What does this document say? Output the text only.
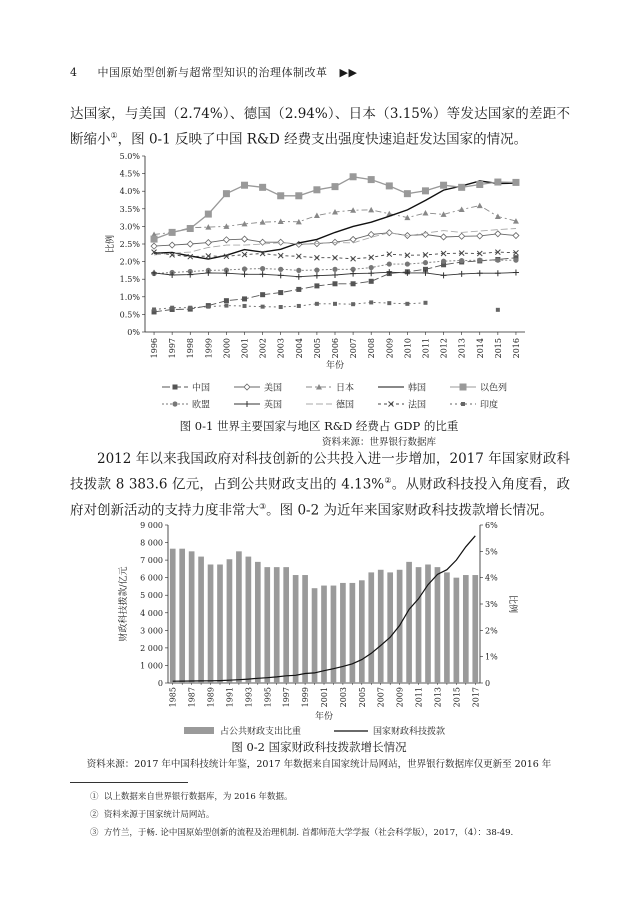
4 中国原始型创新与超常型知识的治理体制改革 ▶▶

达国家，与美国（2.74%）、德国（2.94%）、日本（3.15%）等发达国家的差距不断缩小①，图 0-1 反映了中国 R&D 经费支出强度快速追赶发达国家的情况。

0%
0.5%
1.0%
1.5%
2.0%
2.5%
3.0%
3.5%
4.0%
4.5%
5.0%
1996 1997 1998 1999 2000 2001 2002 2003 2004 2005 2006 2007 2008 2009 2010 2011 2012 2013 2014 2015 2016
比例
年份
中国	美国	日本	韩国	以色列
欧盟	英国	德国	法国	印度
图 0-1 世界主要国家与地区 R&D 经费占 GDP 的比重
资料来源：世界银行数据库

2012 年以来我国政府对科技创新的公共投入进一步增加，2017 年国家财政科技拨款 8 383.6 亿元，占到公共财政支出的 4.13%②。从财政科技投入角度看，政府对创新活动的支持力度非常大③。图 0-2 为近年来国家财政科技拨款增长情况。

0
1 000
2 000
3 000
4 000
5 000
6 000
7 000
8 000
9 000
0
1%
2%
3%
4%
5%
6%
财政科技拨款/亿元	比例
1985 1987 1989 1991 1993 1995 1997 1999 2001 2003 2005 2007 2009 2011 2013 2015 2017
年份
占公共财政支出比重	国家财政科技拨款
图 0-2 国家财政科技拨款增长情况
资料来源：2017 年中国科技统计年鉴，2017 年数据来自国家统计局网站，世界银行数据库仅更新至 2016 年
① 以上数据来自世界银行数据库，为 2016 年数据。
② 资料来源于国家统计局网站。
③ 方竹兰，于畅. 论中国原始型创新的流程及治理机制. 首都师范大学学报（社会科学版），2017，（4）：38-49.
